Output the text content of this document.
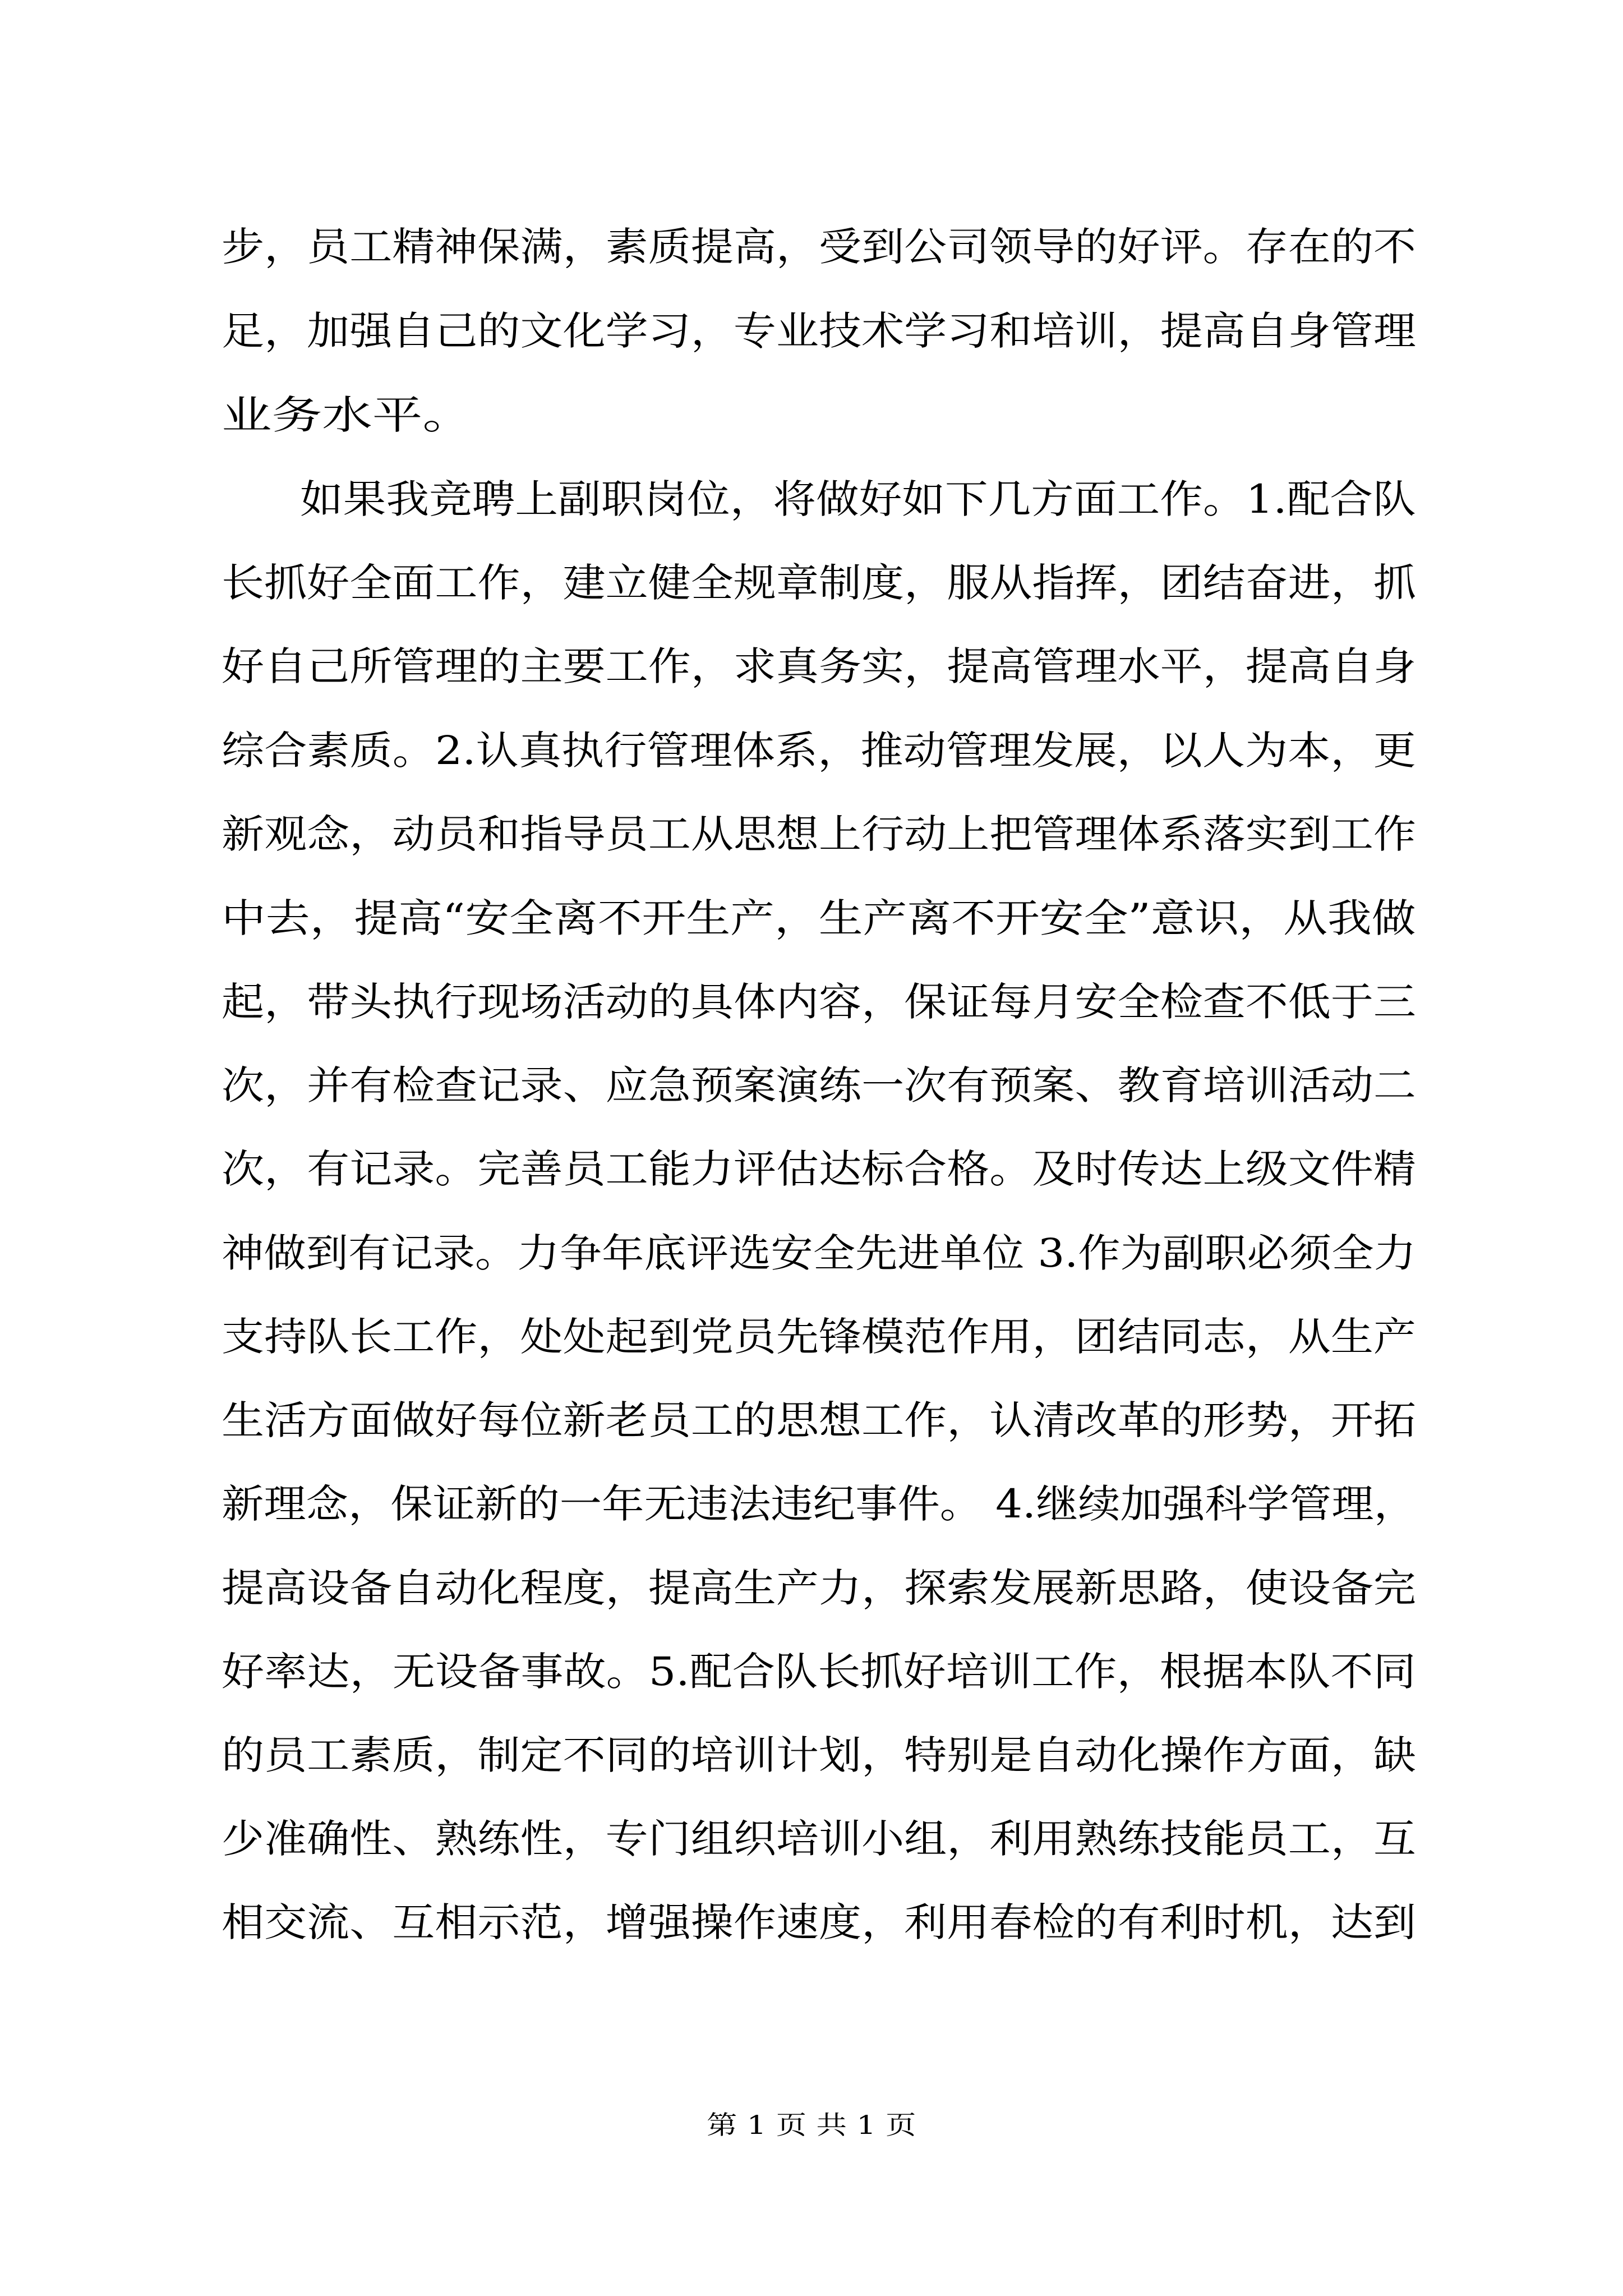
步，员工精神保满，素质提高，受到公司领导的好评。存在的不
足，加强自己的文化学习，专业技术学习和培训，提高自身管理
业务水平。
如果我竞聘上副职岗位，将做好如下几方面工作。1.配合队
长抓好全面工作，建立健全规章制度，服从指挥，团结奋进，抓
好自己所管理的主要工作，求真务实，提高管理水平，提高自身
综合素质。2.认真执行管理体系，推动管理发展，以人为本，更
新观念，动员和指导员工从思想上行动上把管理体系落实到工作
中去，提高“安全离不开生产，生产离不开安全”意识，从我做
起，带头执行现场活动的具体内容，保证每月安全检查不低于三
次，并有检查记录、应急预案演练一次有预案、教育培训活动二
次，有记录。完善员工能力评估达标合格。及时传达上级文件精
神做到有记录。力争年底评选安全先进单位 3.作为副职必须全力
支持队长工作，处处起到党员先锋模范作用，团结同志，从生产
生活方面做好每位新老员工的思想工作，认清改革的形势，开拓
新理念，保证新的一年无违法违纪事件。 4.继续加强科学管理，
提高设备自动化程度，提高生产力，探索发展新思路，使设备完
好率达，无设备事故。5.配合队长抓好培训工作，根据本队不同
的员工素质，制定不同的培训计划，特别是自动化操作方面，缺
少准确性、熟练性，专门组织培训小组，利用熟练技能员工，互
相交流、互相示范，增强操作速度，利用春检的有利时机，达到
第 1 页 共 1 页
